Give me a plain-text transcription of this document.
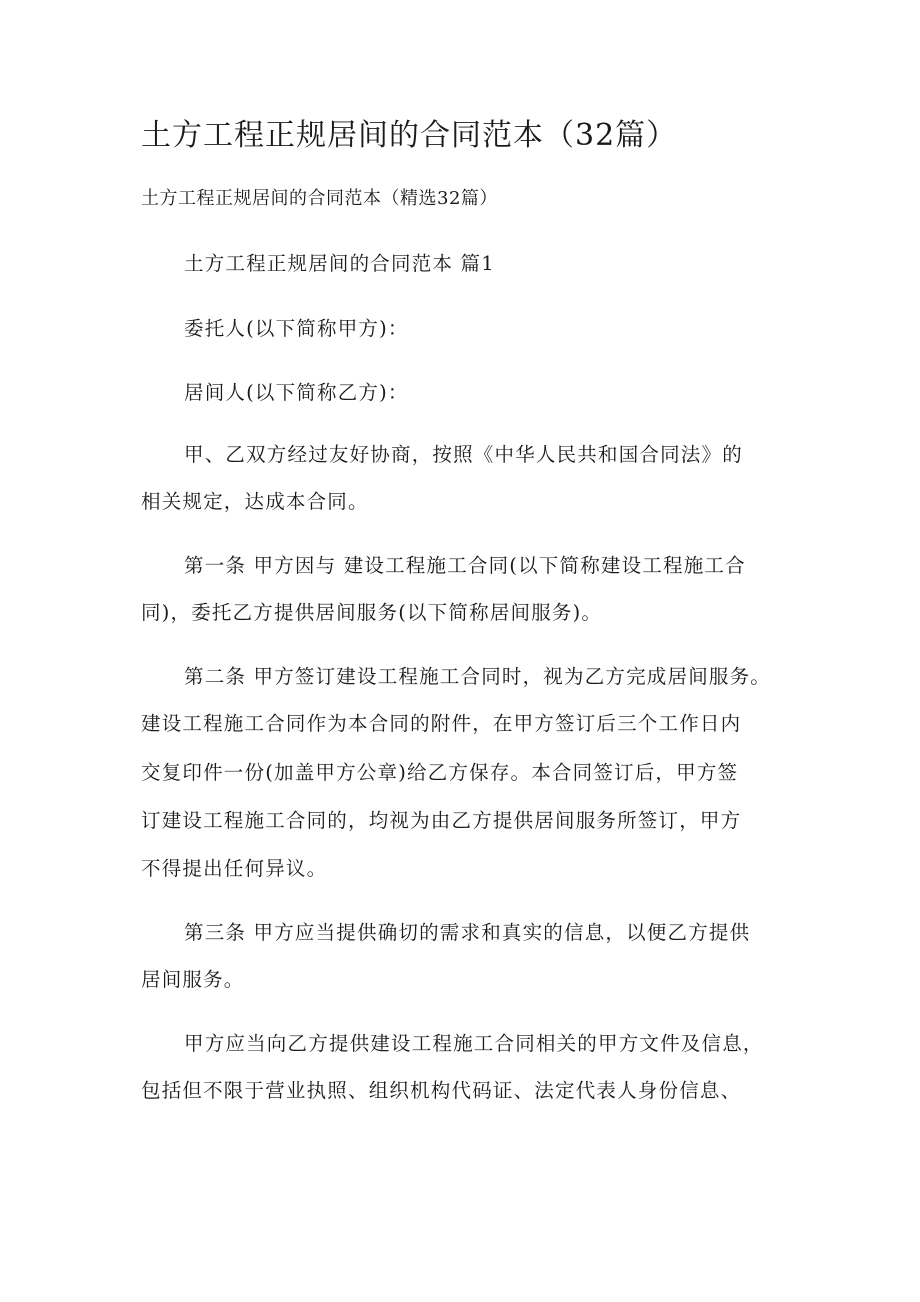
土方工程正规居间的合同范本（32篇）
土方工程正规居间的合同范本（精选32篇）
土方工程正规居间的合同范本 篇1
委托人(以下简称甲方)：
居间人(以下简称乙方)：
甲、乙双方经过友好协商，按照《中华人民共和国合同法》的
相关规定，达成本合同。
第一条 甲方因与 建设工程施工合同(以下简称建设工程施工合
同)，委托乙方提供居间服务(以下简称居间服务)。
第二条 甲方签订建设工程施工合同时，视为乙方完成居间服务。
建设工程施工合同作为本合同的附件，在甲方签订后三个工作日内
交复印件一份(加盖甲方公章)给乙方保存。本合同签订后，甲方签
订建设工程施工合同的，均视为由乙方提供居间服务所签订，甲方
不得提出任何异议。
第三条 甲方应当提供确切的需求和真实的信息，以便乙方提供
居间服务。
甲方应当向乙方提供建设工程施工合同相关的甲方文件及信息，
包括但不限于营业执照、组织机构代码证、法定代表人身份信息、
